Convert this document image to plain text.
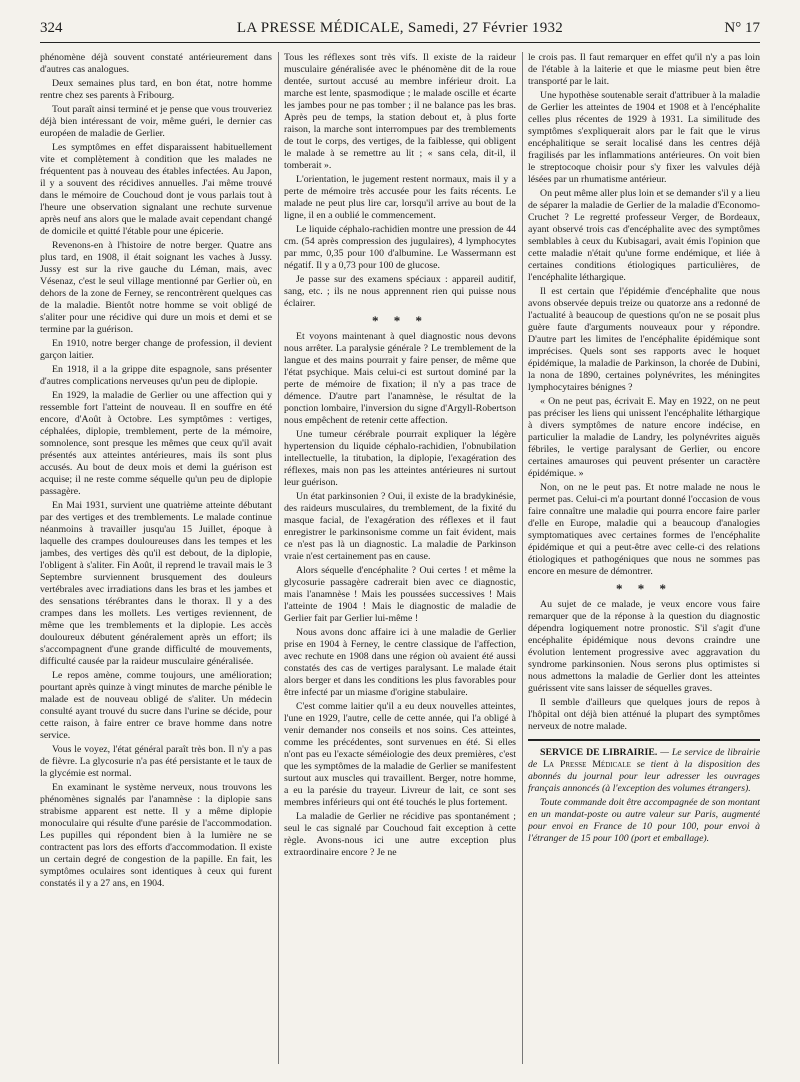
324	LA PRESSE MÉDICALE, Samedi, 27 Février 1932	N° 17

phénomène déjà souvent constaté antérieurement dans d'autres cas analogues.

Deux semaines plus tard, en bon état, notre homme rentre chez ses parents à Fribourg.

Tout paraît ainsi terminé et je pense que vous trouveriez déjà bien intéressant de voir, même guéri, le dernier cas européen de maladie de Gerlier.

Les symptômes en effet disparaissent habituellement vite et complètement à condition que les malades ne fréquentent pas à nouveau des étables infectées. Au Japon, il y a souvent des récidives annuelles. J'ai même trouvé dans le mémoire de Couchoud dont je vous parlais tout à l'heure une observation signalant une rechute survenue après neuf ans alors que le malade avait cependant changé de domicile et quitté l'étable pour une épicerie.

Revenons-en à l'histoire de notre berger. Quatre ans plus tard, en 1908, il était soignant les vaches à Jussy. Jussy est sur la rive gauche du Léman, mais, avec Vésenaz, c'est le seul village mentionné par Gerlier où, en dehors de la zone de Ferney, se rencontrèrent quelques cas de la maladie. Bientôt notre homme se voit obligé de s'aliter pour une récidive qui dure un mois et demi et se termine par la guérison.

En 1910, notre berger change de profession, il devient garçon laitier.

En 1918, il a la grippe dite espagnole, sans présenter d'autres complications nerveuses qu'un peu de diplopie.

En 1929, la maladie de Gerlier ou une affection qui y ressemble fort l'atteint de nouveau. Il en souffre en été encore, d'Août à Octobre. Les symptômes : vertiges, céphalées, diplopie, tremblement, perte de la mémoire, somnolence, sont presque les mêmes que ceux qu'il avait présentés aux atteintes antérieures, mais ils sont plus accusés. Au bout de deux mois et demi la guérison est acquise; il ne reste comme séquelle qu'un peu de diplopie passagère.

En Mai 1931, survient une quatrième atteinte débutant par des vertiges et des tremblements. Le malade continue néanmoins à travailler jusqu'au 15 Juillet, époque à laquelle des crampes douloureuses dans les tempes et les jambes, des vertiges dès qu'il est debout, de la diplopie, l'obligent à s'aliter. Fin Août, il reprend le travail mais le 3 Septembre surviennent brusquement des douleurs vertébrales avec irradiations dans les bras et les jambes et des sensations térébrantes dans le thorax. Il y a des crampes dans les mollets. Les vertiges reviennent, de même que les tremblements et la diplopie. Les accès douloureux débutent généralement après un effort; ils s'accompagnent d'une grande difficulté de mouvements, difficulté causée par la raideur musculaire généralisée.

Le repos amène, comme toujours, une amélioration; pourtant après quinze à vingt minutes de marche pénible le malade est de nouveau obligé de s'aliter. Un médecin consulté ayant trouvé du sucre dans l'urine se décide, pour cette raison, à faire entrer ce brave homme dans notre service.

Vous le voyez, l'état général paraît très bon. Il n'y a pas de fièvre. La glycosurie n'a pas été persistante et le taux de la glycémie est normal.

En examinant le système nerveux, nous trouvons les phénomènes signalés par l'anamnèse : la diplopie sans strabisme apparent est nette. Il y a même diplopie monoculaire qui résulte d'une parésie de l'accommodation. Les pupilles qui répondent bien à la lumière ne se contractent pas lors des efforts d'accommodation. Il existe un certain degré de congestion de la papille. En fait, les symptômes oculaires sont identiques à ceux qui furent constatés il y a 27 ans, en 1904.

Tous les réflexes sont très vifs. Il existe de la raideur musculaire généralisée avec le phénomène dit de la roue dentée, surtout accusé au membre inférieur droit. La marche est lente, spasmodique ; le malade oscille et écarte les jambes pour ne pas tomber ; il ne balance pas les bras. Après peu de temps, la station debout et, à plus forte raison, la marche sont interrompues par des tremblements de tout le corps, des vertiges, de la faiblesse, qui obligent le malade à se remettre au lit ; « sans cela, dit-il, il tomberait ».

L'orientation, le jugement restent normaux, mais il y a perte de mémoire très accusée pour les faits récents. Le malade ne peut plus lire car, lorsqu'il arrive au bout de la ligne, il en a oublié le commencement.

Le liquide céphalo-rachidien montre une pression de 44 cm. (54 après compression des jugulaires), 4 lymphocytes par mmc, 0,35 pour 100 d'albumine. Le Wassermann est négatif. Il y a 0,73 pour 100 de glucose.

Je passe sur des examens spéciaux : appareil auditif, sang, etc. ; ils ne nous apprennent rien qui puisse nous éclairer.

* * *

Et voyons maintenant à quel diagnostic nous devons nous arrêter. La paralysie générale ? Le tremblement de la langue et des mains pourrait y faire penser, de même que l'état psychique. Mais celui-ci est surtout dominé par la perte de mémoire de fixation; il n'y a pas trace de démence. D'autre part l'anamnèse, le résultat de la ponction lombaire, l'inversion du signe d'Argyll-Robertson nous empêchent de retenir cette affection.

Une tumeur cérébrale pourrait expliquer la légère hypertension du liquide céphalo-rachidien, l'obnubilation intellectuelle, la titubation, la diplopie, l'exagération des réflexes, mais non pas les atteintes antérieures ni surtout leur guérison.

Un état parkinsonien ? Oui, il existe de la bradykinésie, des raideurs musculaires, du tremblement, de la fixité du masque facial, de l'exagération des réflexes et il faut enregistrer le parkinsonisme comme un fait évident, mais ce n'est pas là un diagnostic. La maladie de Parkinson vraie n'est certainement pas en cause.

Alors séquelle d'encéphalite ? Oui certes ! et même la glycosurie passagère cadrerait bien avec ce diagnostic, mais l'anamnèse ! Mais les poussées successives ! Mais l'atteinte de 1904 ! Mais le diagnostic de maladie de Gerlier fait par Gerlier lui-même !

Nous avons donc affaire ici à une maladie de Gerlier prise en 1904 à Ferney, le centre classique de l'affection, avec rechute en 1908 dans une région où avaient été aussi constatés des cas de vertiges paralysant. Le malade était alors berger et dans les conditions les plus favorables pour être infecté par un miasme d'origine stabulaire.

C'est comme laitier qu'il a eu deux nouvelles atteintes, l'une en 1929, l'autre, celle de cette année, qui l'a obligé à venir demander nos conseils et nos soins. Ces atteintes, comme les précédentes, sont survenues en été. Si elles n'ont pas eu l'exacte séméiologie des deux premières, c'est que les symptômes de la maladie de Gerlier se manifestent surtout aux muscles qui travaillent. Berger, notre homme, a eu la parésie du trayeur. Livreur de lait, ce sont ses membres inférieurs qui ont été touchés le plus fortement.

La maladie de Gerlier ne récidive pas spontanément ; seul le cas signalé par Couchoud fait exception à cette règle. Avons-nous ici une autre exception plus extraordinaire encore ? Je ne

le crois pas. Il faut remarquer en effet qu'il n'y a pas loin de l'étable à la laiterie et que le miasme peut bien être transporté par le lait.

Une hypothèse soutenable serait d'attribuer à la maladie de Gerlier les atteintes de 1904 et 1908 et à l'encéphalite celles plus récentes de 1929 à 1931. La similitude des symptômes s'expliquerait alors par le fait que le virus encéphalitique se serait localisé dans les centres déjà fragilisés par les inflammations antérieures. On voit bien le streptocoque choisir pour s'y fixer les valvules déjà lésées par un rhumatisme antérieur.

On peut même aller plus loin et se demander s'il y a lieu de séparer la maladie de Gerlier de la maladie d'Economo-Cruchet ? Le regretté professeur Verger, de Bordeaux, ayant observé trois cas d'encéphalite avec des symptômes semblables à ceux du Kubisagari, avait émis l'opinion que cette maladie n'était qu'une forme endémique, et liée à certaines conditions étiologiques particulières, de l'encéphalite léthargique.

Il est certain que l'épidémie d'encéphalite que nous avons observée depuis treize ou quatorze ans a redonné de l'actualité à beaucoup de questions qu'on ne se posait plus guère faute d'arguments nouveaux pour y répondre. D'autre part les limites de l'encéphalite épidémique sont imprécises. Quels sont ses rapports avec le hoquet épidémique, la maladie de Parkinson, la chorée de Dubini, la nona de 1890, certaines polynévrites, les méningites lymphocytaires bénignes ?

« On ne peut pas, écrivait E. May en 1922, on ne peut pas préciser les liens qui unissent l'encéphalite léthargique à divers symptômes de nature encore indécise, en particulier la maladie de Landry, les polynévrites aiguës fébriles, le vertige paralysant de Gerlier, ou encore certaines amauroses qui peuvent présenter un caractère épidémique. »

Non, on ne le peut pas. Et notre malade ne nous le permet pas. Celui-ci m'a pourtant donné l'occasion de vous faire connaître une maladie qui pourra encore faire parler d'elle en Europe, maladie qui a beaucoup d'analogies symptomatiques avec certaines formes de l'encéphalite épidémique et qui a peut-être avec celle-ci des relations étiologiques et pathogéniques que nous ne sommes pas encore en mesure de démontrer.

* * *

Au sujet de ce malade, je veux encore vous faire remarquer que de la réponse à la question du diagnostic dépendra logiquement notre pronostic. S'il s'agit d'une encéphalite épidémique nous devons craindre une évolution lentement progressive avec aggravation du syndrome parkinsonien. Nous serons plus optimistes si nous admettons la maladie de Gerlier dont les atteintes guérissent vite sans laisser de séquelles graves.

Il semble d'ailleurs que quelques jours de repos à l'hôpital ont déjà bien atténué la plupart des symptômes nerveux de notre malade.

SERVICE DE LIBRAIRIE. — Le service de librairie de La Presse Médicale se tient à la disposition des abonnés du journal pour leur adresser les ouvrages français annoncés (à l'exception des volumes étrangers).

Toute commande doit être accompagnée de son montant en un mandat-poste ou autre valeur sur Paris, augmenté pour envoi en France de 10 pour 100, pour envoi à l'étranger de 15 pour 100 (port et emballage).
